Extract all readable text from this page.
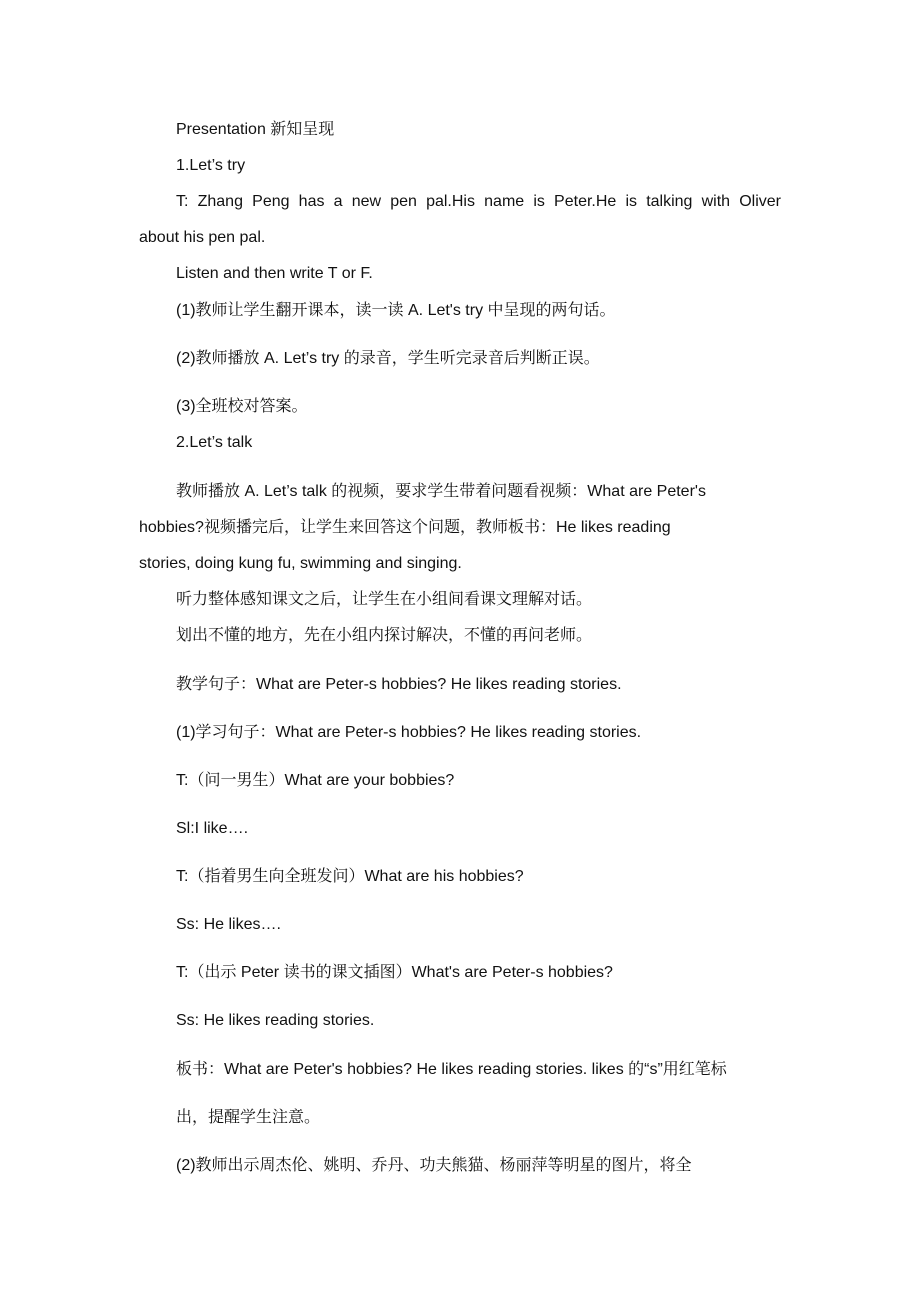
Presentation 新知呈现
1.Let’s try
T: Zhang Peng has a new pen pal.His name is Peter.He is talking with Oliver
about his pen pal.
Listen and then write T or F.
(1)教师让学生翻开课本，读一读 A. Let's try 中呈现的两句话。
(2)教师播放 A. Let’s try 的录音，学生听完录音后判断正误。
(3)全班校对答案。
2.Let’s talk
教师播放 A. Let’s talk 的视频，要求学生带着问题看视频：What are Peter's
hobbies?视频播完后，让学生来回答这个问题，教师板书：He likes reading
stories, doing kung fu, swimming and singing.
听力整体感知课文之后，让学生在小组间看课文理解对话。
划出不懂的地方，先在小组内探讨解决，不懂的再问老师。
教学句子：What are Peter-s hobbies? He likes reading stories.
(1)学习句子：What are Peter-s hobbies? He likes reading stories.
T:（问一男生）What are your bobbies?
Sl:I like….
T:（指着男生向全班发问）What are his hobbies?
Ss: He likes….
T:（出示 Peter 读书的课文插图）What's are Peter-s hobbies?
Ss: He likes reading stories.
板书：What are Peter's hobbies? He likes reading stories. likes 的“s”用红笔标
出，提醒学生注意。
(2)教师出示周杰伦、姚明、乔丹、功夫熊猫、杨丽萍等明星的图片，将全
